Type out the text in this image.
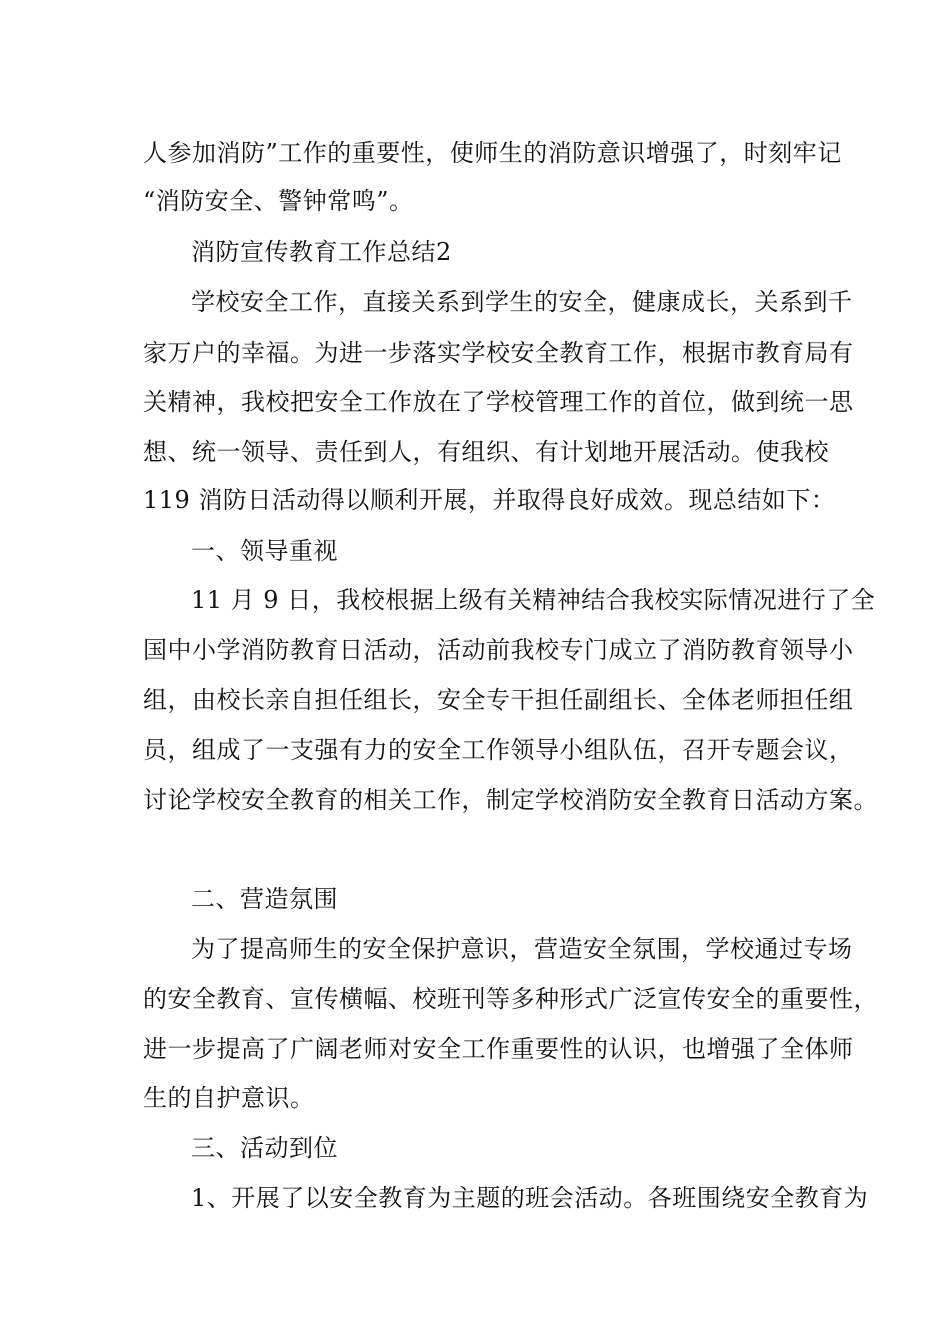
人参加消防”工作的重要性，使师生的消防意识增强了，时刻牢记
“消防安全、警钟常鸣”。
消防宣传教育工作总结2
学校安全工作，直接关系到学生的安全，健康成长，关系到千
家万户的幸福。为进一步落实学校安全教育工作，根据市教育局有
关精神，我校把安全工作放在了学校管理工作的首位，做到统一思
想、统一领导、责任到人，有组织、有计划地开展活动。使我校
119 消防日活动得以顺利开展，并取得良好成效。现总结如下：
一、领导重视
11 月 9 日，我校根据上级有关精神结合我校实际情况进行了全
国中小学消防教育日活动，活动前我校专门成立了消防教育领导小
组，由校长亲自担任组长，安全专干担任副组长、全体老师担任组
员，组成了一支强有力的安全工作领导小组队伍，召开专题会议，
讨论学校安全教育的相关工作，制定学校消防安全教育日活动方案。
二、营造氛围
为了提高师生的安全保护意识，营造安全氛围，学校通过专场
的安全教育、宣传横幅、校班刊等多种形式广泛宣传安全的重要性，
进一步提高了广阔老师对安全工作重要性的认识，也增强了全体师
生的自护意识。
三、活动到位
1、开展了以安全教育为主题的班会活动。各班围绕安全教育为
